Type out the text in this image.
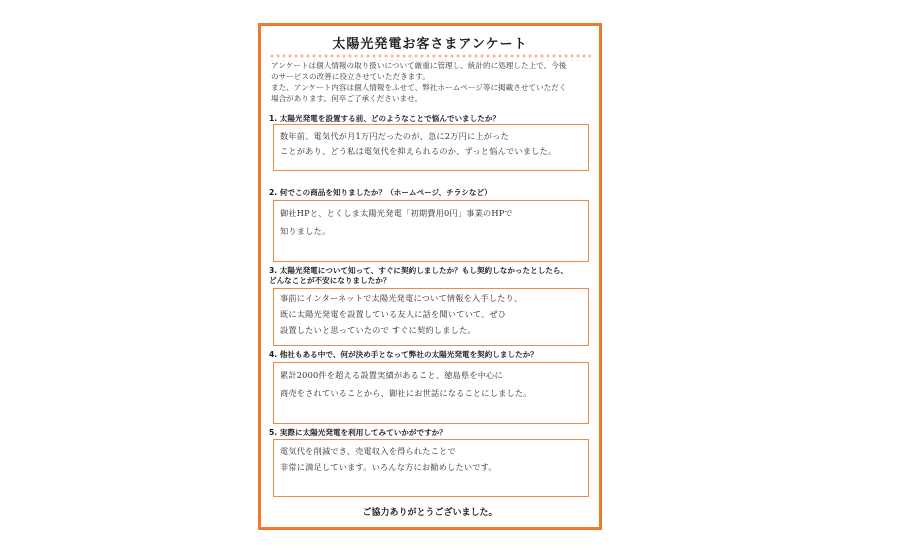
太陽光発電お客さまアンケート
アンケートは個人情報の取り扱いについて厳重に管理し、統計的に処理した上で、今後
のサービスの改善に役立させていただきます。
また、アンケート内容は個人情報をふせて、弊社ホームページ等に掲載させていただく
場合があります。何卒ご了承くださいませ。
1. 太陽光発電を設置する前、どのようなことで悩んでいましたか？
数年前、電気代が月1万円だったのが、急に2万円に上がった
ことがあり、どう私は電気代を抑えられるのか、ずっと悩んでいました。
2. 何でこの商品を知りましたか？（ホームページ、チラシなど）
御社HPと、とくしま太陽光発電「初期費用0円」事業のHPで
知りました。
3. 太陽光発電について知って、すぐに契約しましたか？もし契約しなかったとしたら、
どんなことが不安になりましたか？
事前にインターネットで太陽光発電について情報を入手したり、
既に太陽光発電を設置している友人に話を聞いていて、ぜひ
設置したいと思っていたので すぐに契約しました。
4. 他社もある中で、何が決め手となって弊社の太陽光発電を契約しましたか？
累計2000件を超える設置実績があること、徳島県を中心に
商売をされていることから、御社にお世話になることにしました。
5. 実際に太陽光発電を利用してみていかがですか？
電気代を削減でき、売電収入を得られたことで
非常に満足しています。いろんな方にお勧めしたいです。
ご協力ありがとうございました。
